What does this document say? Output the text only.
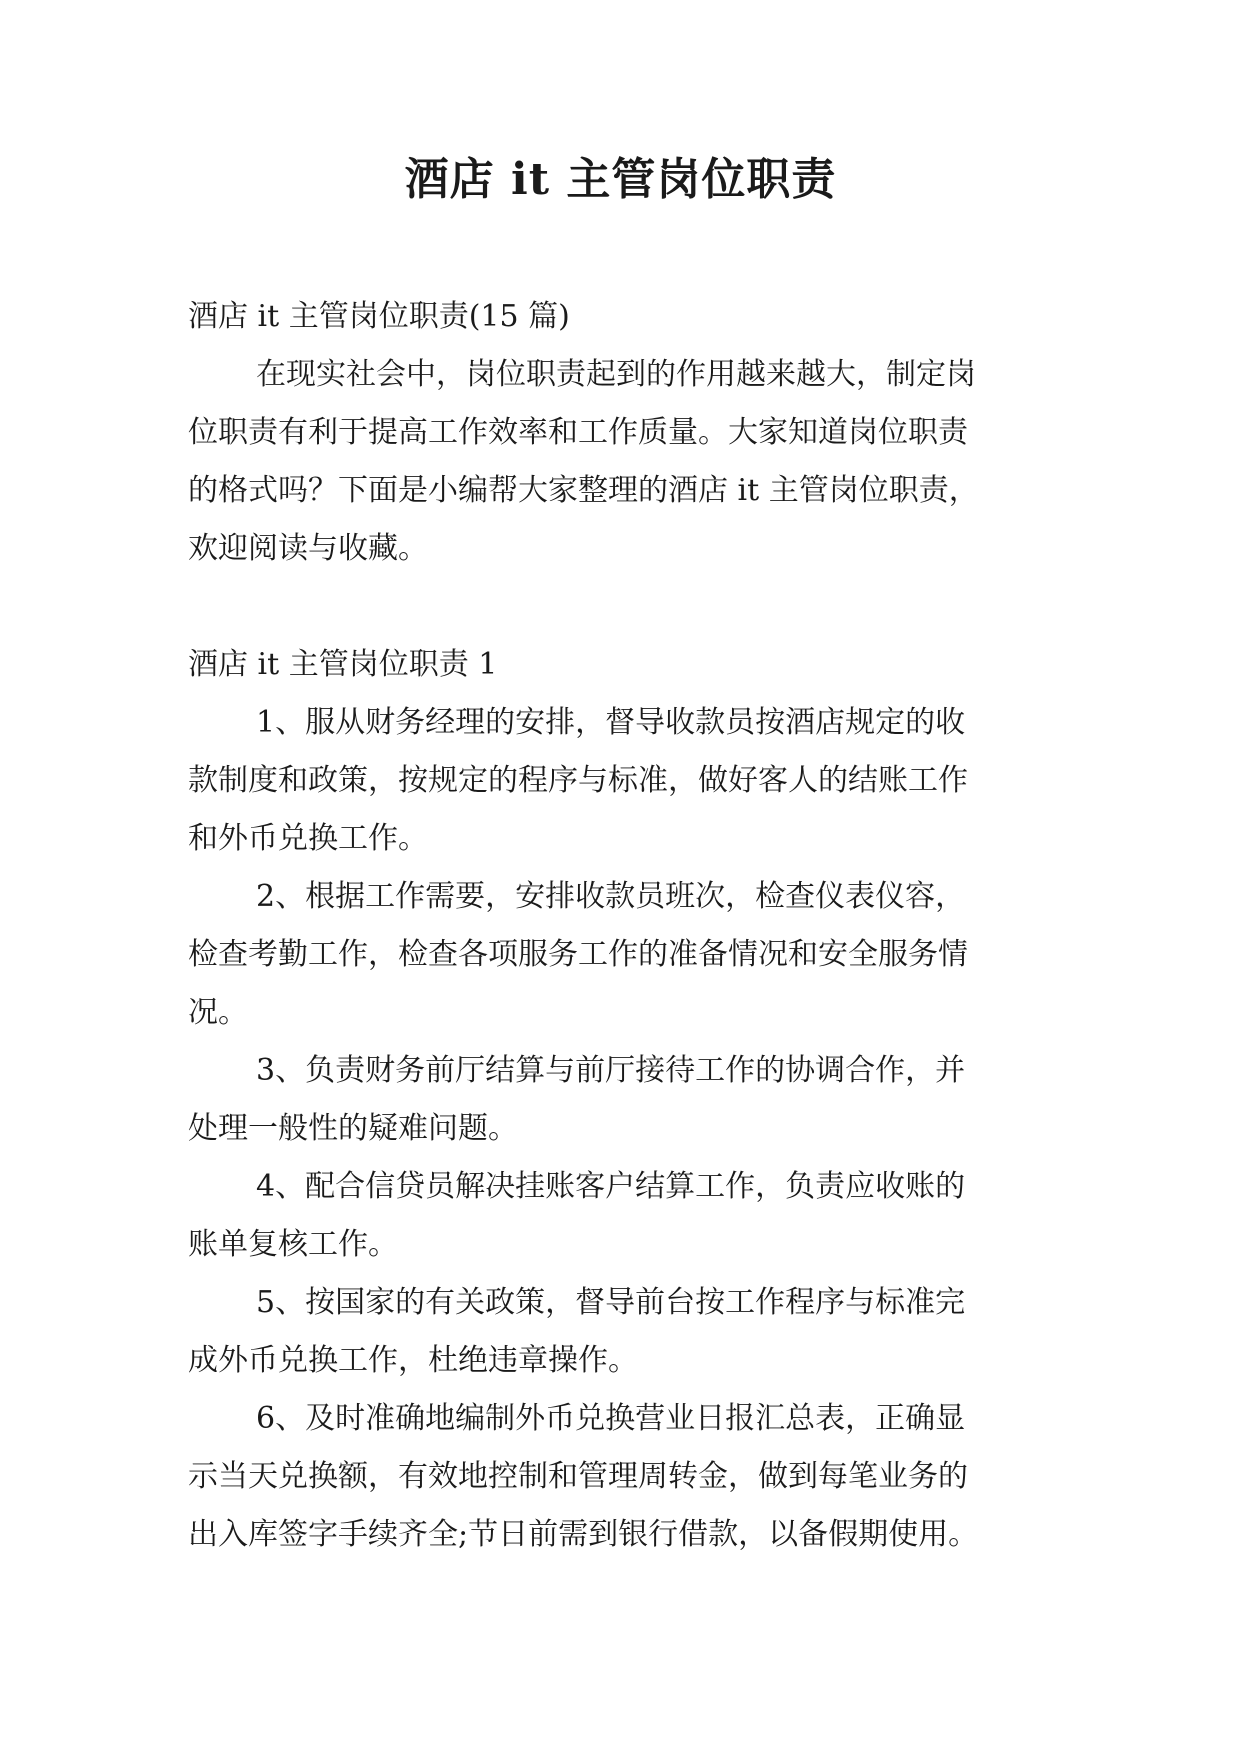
酒店 it 主管岗位职责

酒店 it 主管岗位职责(15 篇)

在现实社会中，岗位职责起到的作用越来越大，制定岗

位职责有利于提高工作效率和工作质量。大家知道岗位职责

的格式吗？下面是小编帮大家整理的酒店 it 主管岗位职责，

欢迎阅读与收藏。

酒店 it 主管岗位职责 1

1、服从财务经理的安排，督导收款员按酒店规定的收

款制度和政策，按规定的程序与标准，做好客人的结账工作

和外币兑换工作。

2、根据工作需要，安排收款员班次，检查仪表仪容，

检查考勤工作，检查各项服务工作的准备情况和安全服务情

况。

3、负责财务前厅结算与前厅接待工作的协调合作，并

处理一般性的疑难问题。

4、配合信贷员解决挂账客户结算工作，负责应收账的

账单复核工作。

5、按国家的有关政策，督导前台按工作程序与标准完

成外币兑换工作，杜绝违章操作。

6、及时准确地编制外币兑换营业日报汇总表，正确显

示当天兑换额，有效地控制和管理周转金，做到每笔业务的

出入库签字手续齐全;节日前需到银行借款，以备假期使用。
